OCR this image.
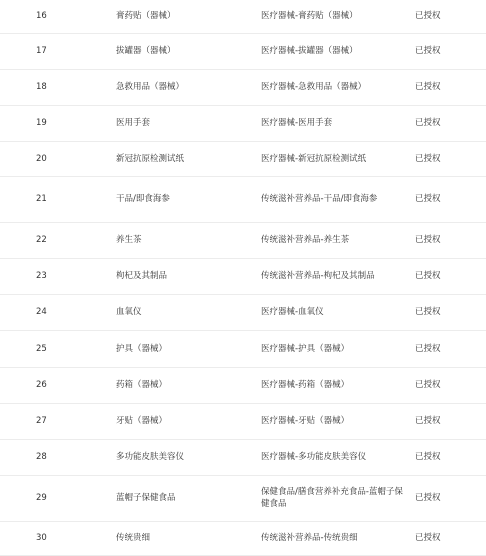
16	膏药贴（器械）	医疗器械-膏药贴（器械）	已授权
17	拔罐器（器械）	医疗器械-拔罐器（器械）	已授权
18	急救用品（器械）	医疗器械-急救用品（器械）	已授权
19	医用手套	医疗器械-医用手套	已授权
20	新冠抗原检测试纸	医疗器械-新冠抗原检测试纸	已授权
21	干品/即食海参	传统滋补营养品-干品/即食海参	已授权
22	养生茶	传统滋补营养品-养生茶	已授权
23	枸杞及其制品	传统滋补营养品-枸杞及其制品	已授权
24	血氧仪	医疗器械-血氧仪	已授权
25	护具（器械）	医疗器械-护具（器械）	已授权
26	药箱（器械）	医疗器械-药箱（器械）	已授权
27	牙贴（器械）	医疗器械-牙贴（器械）	已授权
28	多功能皮肤美容仪	医疗器械-多功能皮肤美容仪	已授权
29	蓝帽子保健食品	保健食品/膳食营养补充食品-蓝帽子保健食品	已授权
30	传统贵细	传统滋补营养品-传统贵细	已授权
